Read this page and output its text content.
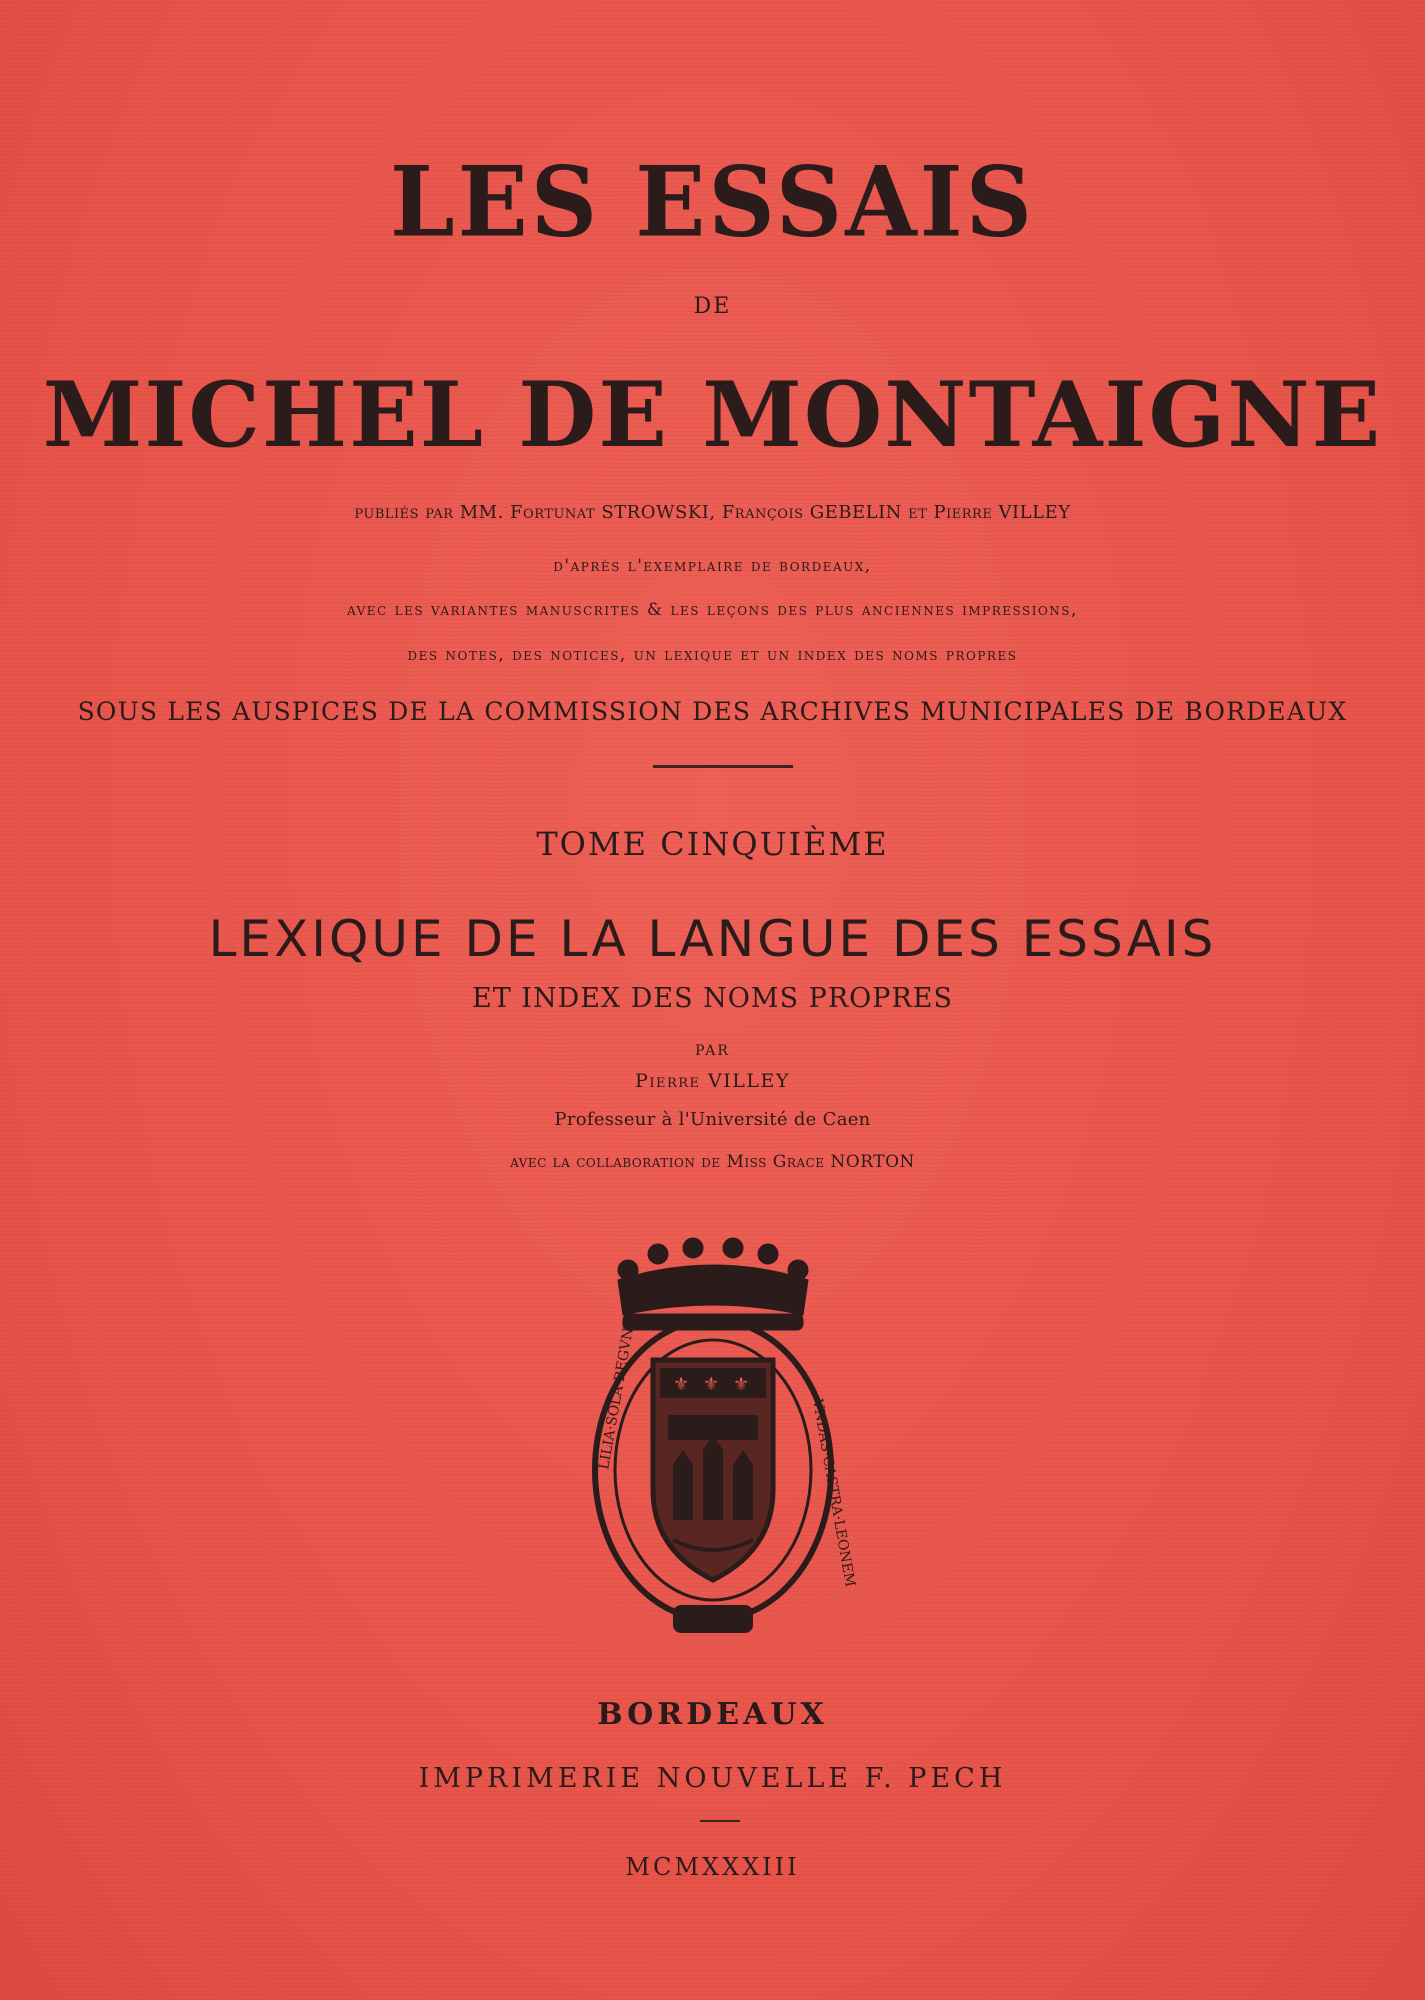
LES ESSAIS
DE
MICHEL DE MONTAIGNE
publiés par MM. Fortunat STROWSKI, François GEBELIN et Pierre VILLEY
d'après l'exemplaire de bordeaux,
avec les variantes manuscrites & les leçons des plus anciennes impressions,
des notes, des notices, un lexique et un index des noms propres
SOUS LES AUSPICES DE LA COMMISSION DES ARCHIVES MUNICIPALES DE BORDEAUX
TOME CINQUIÈME
LEXIQUE DE LA LANGUE DES ESSAIS
ET INDEX DES NOMS PROPRES
PAR
Pierre VILLEY
Professeur à l'Université de Caen
avec la collaboration de Miss Grace NORTON
⚜ ⚜ ⚜
LILIA·SOLA·REGVNT
VNDAS·CASTRA·LEONEM
BORDEAUX
IMPRIMERIE NOUVELLE F. PECH
MCMXXXIII
